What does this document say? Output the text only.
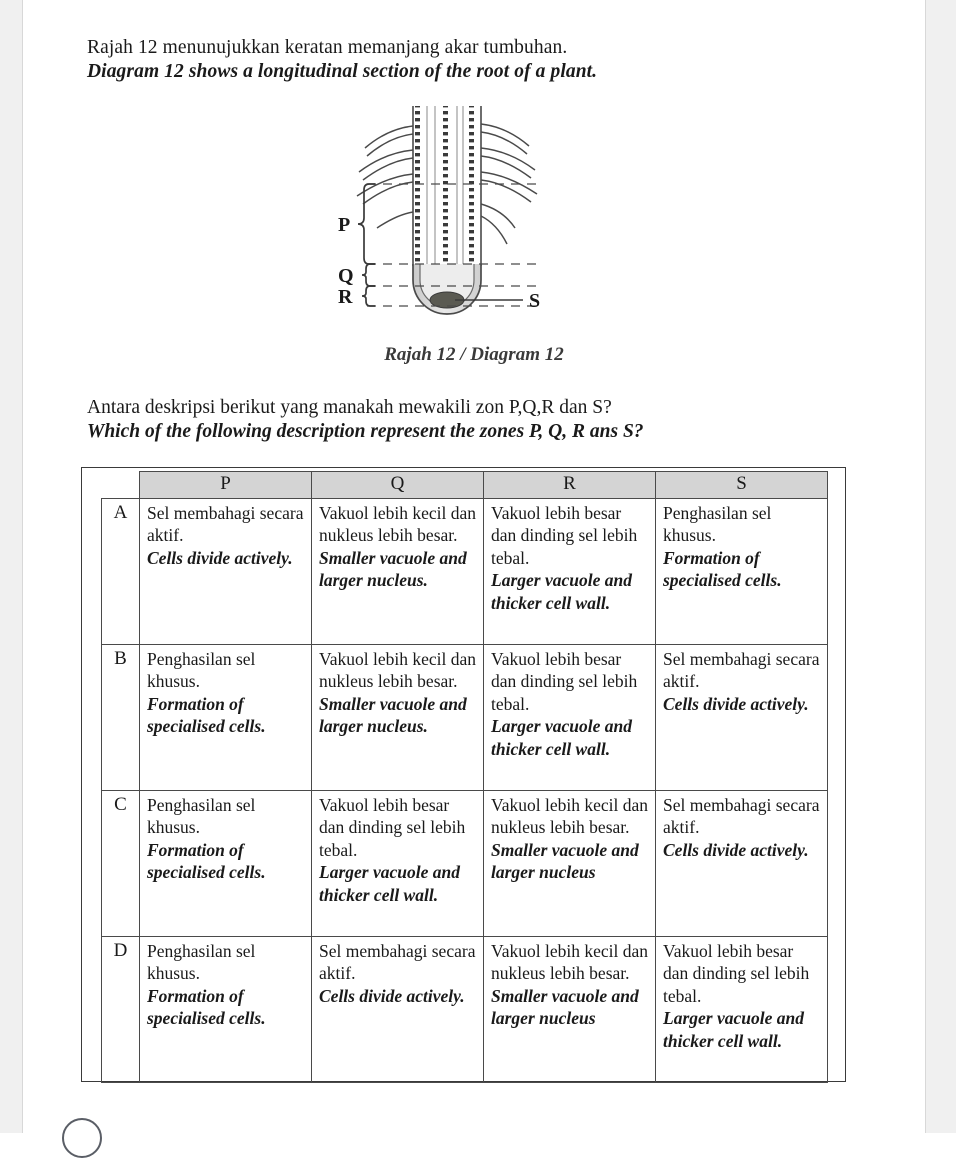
Rajah 12 menunujukkan keratan memanjang akar tumbuhan.
Diagram 12 shows a longitudinal section of the root of a plant.
P
Q
R	S
Rajah 12 / Diagram 12
Antara deskripsi berikut yang manakah mewakili zon P,Q,R dan S?
Which of the following description represent the zones P, Q, R ans S?
	P	Q	R	S
A	Sel membahagi secara aktif.
Cells divide actively.	Vakuol lebih kecil dan nukleus lebih besar.
Smaller vacuole and larger nucleus.	Vakuol lebih besar dan dinding sel lebih tebal.
Larger vacuole and thicker cell wall.	Penghasilan sel khusus.
Formation of specialised cells.

B	Penghasilan sel khusus.
Formation of specialised cells.	Vakuol lebih kecil dan nukleus lebih besar.
Smaller vacuole and larger nucleus.	Vakuol lebih besar dan dinding sel lebih tebal.
Larger vacuole and thicker cell wall.	Sel membahagi secara aktif.
Cells divide actively.

C	Penghasilan sel khusus.
Formation of specialised cells.	Vakuol lebih besar dan dinding sel lebih tebal.
Larger vacuole and thicker cell wall.	Vakuol lebih kecil dan nukleus lebih besar.
Smaller vacuole and larger nucleus	Sel membahagi secara aktif.
Cells divide actively.

D	Penghasilan sel khusus.
Formation of specialised cells.	Sel membahagi secara aktif.
Cells divide actively.	Vakuol lebih kecil dan nukleus lebih besar.
Smaller vacuole and larger nucleus	Vakuol lebih besar dan dinding sel lebih tebal.
Larger vacuole and thicker cell wall.
